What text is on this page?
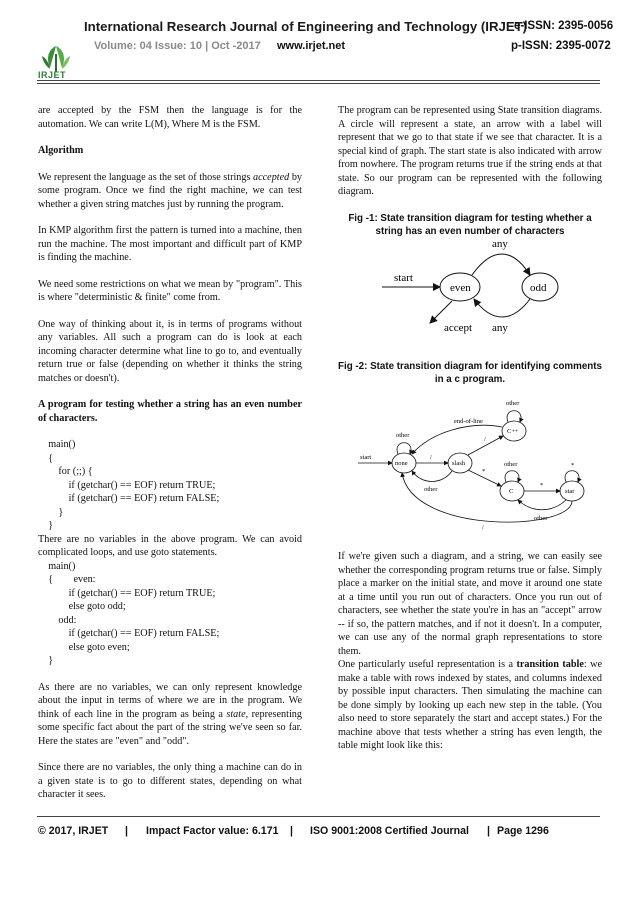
IRJET
International Research Journal of Engineering and Technology (IRJET)
e-ISSN: 2395-0056
Volume: 04 Issue: 10 | Oct -2017 www.irjet.net	p-ISSN: 2395-0072

are accepted by the FSM then the language is for the automation. We can write L(M), Where M is the FSM.

Algorithm

We represent the language as the set of those strings accepted by some program. Once we find the right machine, we can test whether a given string matches just by running the program.

In KMP algorithm first the pattern is turned into a machine, then run the machine. The most important and difficult part of KMP is finding the machine.

We need some restrictions on what we mean by "program". This is where "deterministic & finite" come from.

One way of thinking about it, is in terms of programs without any variables. All such a program can do is look at each incoming character determine what line to go to, and eventually return true or false (depending on whether it thinks the string matches or doesn't).

A program for testing whether a string has an even number of characters.

main()
{
for (;;) {
if (getchar() == EOF) return TRUE;
if (getchar() == EOF) return FALSE;
}
}

There are no variables in the above program. We can avoid complicated loops, and use goto statements.

main()
{        even:
if (getchar() == EOF) return TRUE;
else goto odd;
odd:
if (getchar() == EOF) return FALSE;
else goto even;
}

As there are no variables, we can only represent knowledge about the input in terms of where we are in the program. We think of each line in the program as being a state, representing some specific fact about the part of the string we've seen so far. Here the states are "even" and "odd".

Since there are no variables, the only thing a machine can do in a given state is to go to different states, depending on what character it sees.

The program can be represented using State transition diagrams. A circle will represent a state, an arrow with a label will represent that we go to that state if we see that character. It is a special kind of graph. The start state is also indicated with arrow from nowhere. The program returns true if the string ends at that state. So our program can be represented with the following diagram.

Fig -1: State transition diagram for testing whether a string has an even number of characters
start
even	odd
any
any
accept
Fig -2: State transition diagram for identifying comments in a c program.
start
none	slash
C++
C	star
other
other
other	*
/
other
/
*
end-of-line
*
other
/

If we're given such a diagram, and a string, we can easily see whether the corresponding program returns true or false. Simply place a marker on the initial state, and move it around one state at a time until you run out of characters. Once you run out of characters, see whether the state you're in has an "accept" arrow -- if so, the pattern matches, and if not it doesn't. In a computer, we can use any of the normal graph representations to store them.

One particularly useful representation is a transition table: we make a table with rows indexed by states, and columns indexed by possible input characters. Then simulating the machine can be done simply by looking up each new step in the table. (You also need to store separately the start and accept states.) For the machine above that tests whether a string has even length, the table might look like this:

© 2017, IRJET | Impact Factor value: 6.171 | ISO 9001:2008 Certified Journal | Page 1296
